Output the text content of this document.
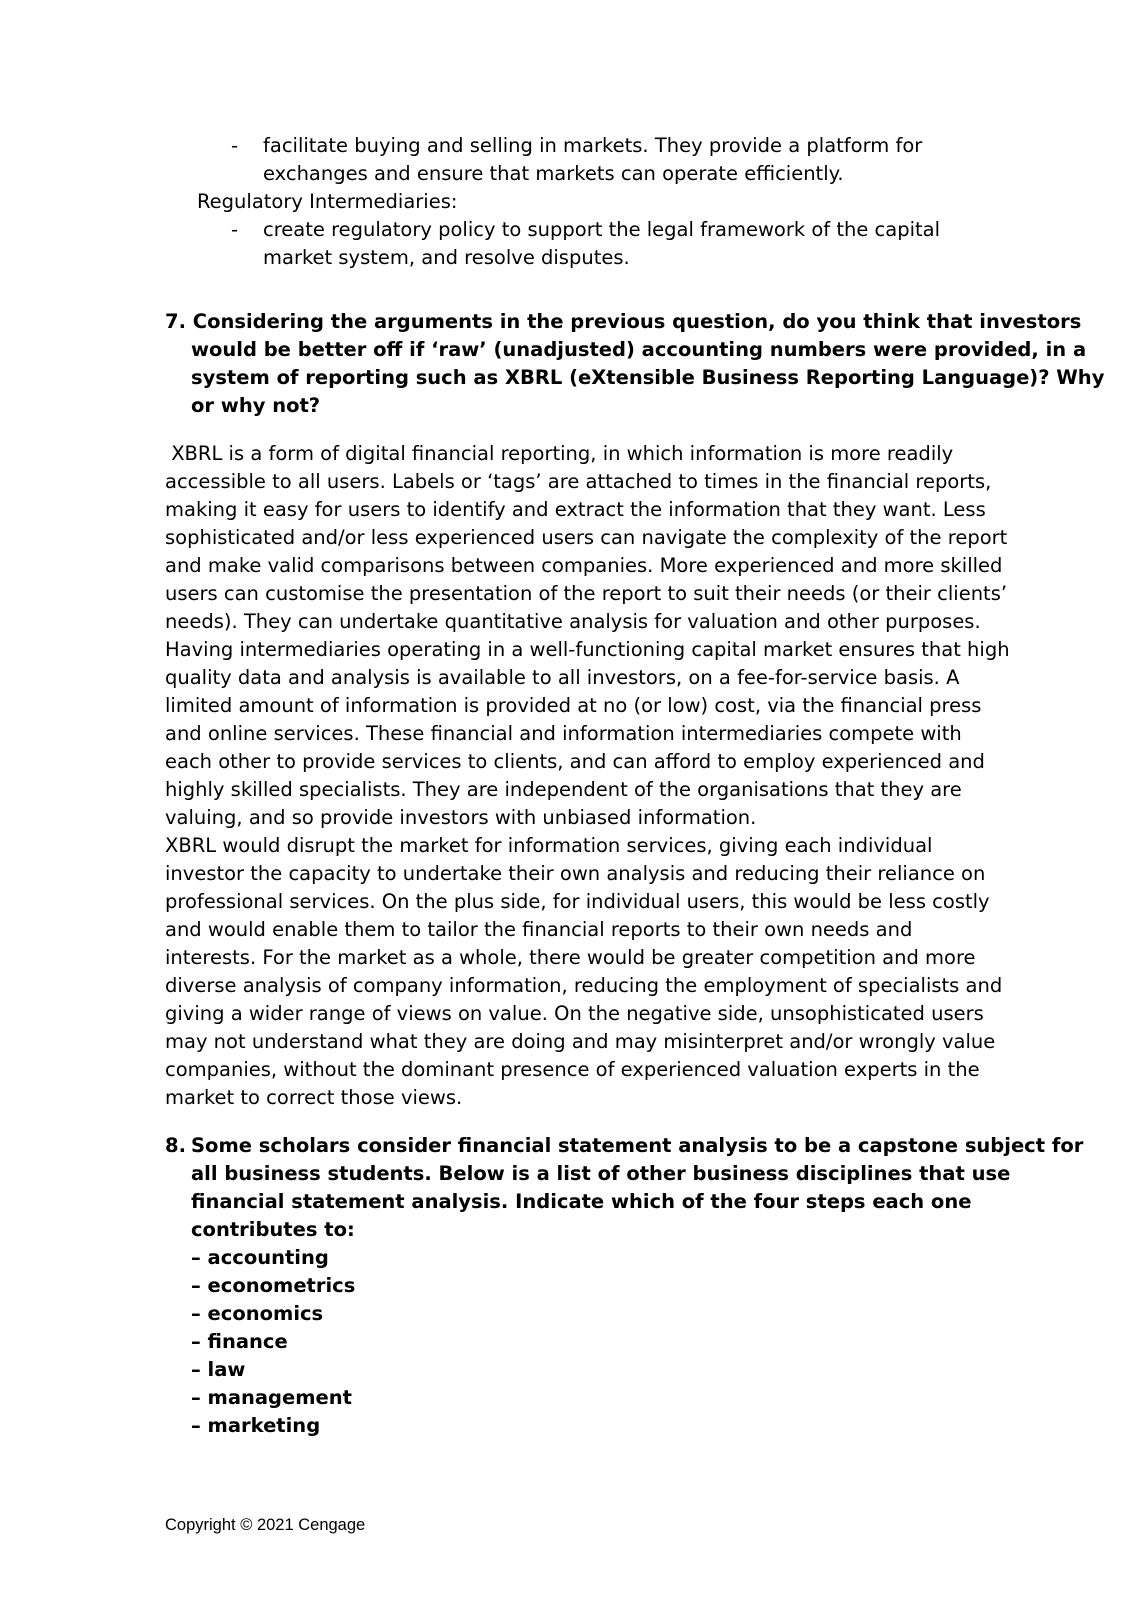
- facilitate buying and selling in markets. They provide a platform for
exchanges and ensure that markets can operate efficiently.
Regulatory Intermediaries:
- create regulatory policy to support the legal framework of the capital
market system, and resolve disputes.
7. Considering the arguments in the previous question, do you think that investors
would be better off if ‘raw’ (unadjusted) accounting numbers were provided, in a
system of reporting such as XBRL (eXtensible Business Reporting Language)? Why
or why not?
XBRL is a form of digital financial reporting, in which information is more readily
accessible to all users. Labels or ‘tags’ are attached to times in the financial reports,
making it easy for users to identify and extract the information that they want. Less
sophisticated and/or less experienced users can navigate the complexity of the report
and make valid comparisons between companies. More experienced and more skilled
users can customise the presentation of the report to suit their needs (or their clients’
needs). They can undertake quantitative analysis for valuation and other purposes.
Having intermediaries operating in a well-functioning capital market ensures that high
quality data and analysis is available to all investors, on a fee-for-service basis. A
limited amount of information is provided at no (or low) cost, via the financial press
and online services. These financial and information intermediaries compete with
each other to provide services to clients, and can afford to employ experienced and
highly skilled specialists. They are independent of the organisations that they are
valuing, and so provide investors with unbiased information.
XBRL would disrupt the market for information services, giving each individual
investor the capacity to undertake their own analysis and reducing their reliance on
professional services. On the plus side, for individual users, this would be less costly
and would enable them to tailor the financial reports to their own needs and
interests. For the market as a whole, there would be greater competition and more
diverse analysis of company information, reducing the employment of specialists and
giving a wider range of views on value. On the negative side, unsophisticated users
may not understand what they are doing and may misinterpret and/or wrongly value
companies, without the dominant presence of experienced valuation experts in the
market to correct those views.
8. Some scholars consider financial statement analysis to be a capstone subject for
all business students. Below is a list of other business disciplines that use
financial statement analysis. Indicate which of the four steps each one
contributes to:
– accounting
– econometrics
– economics
– finance
– law
– management
– marketing
Copyright © 2021 Cengage
